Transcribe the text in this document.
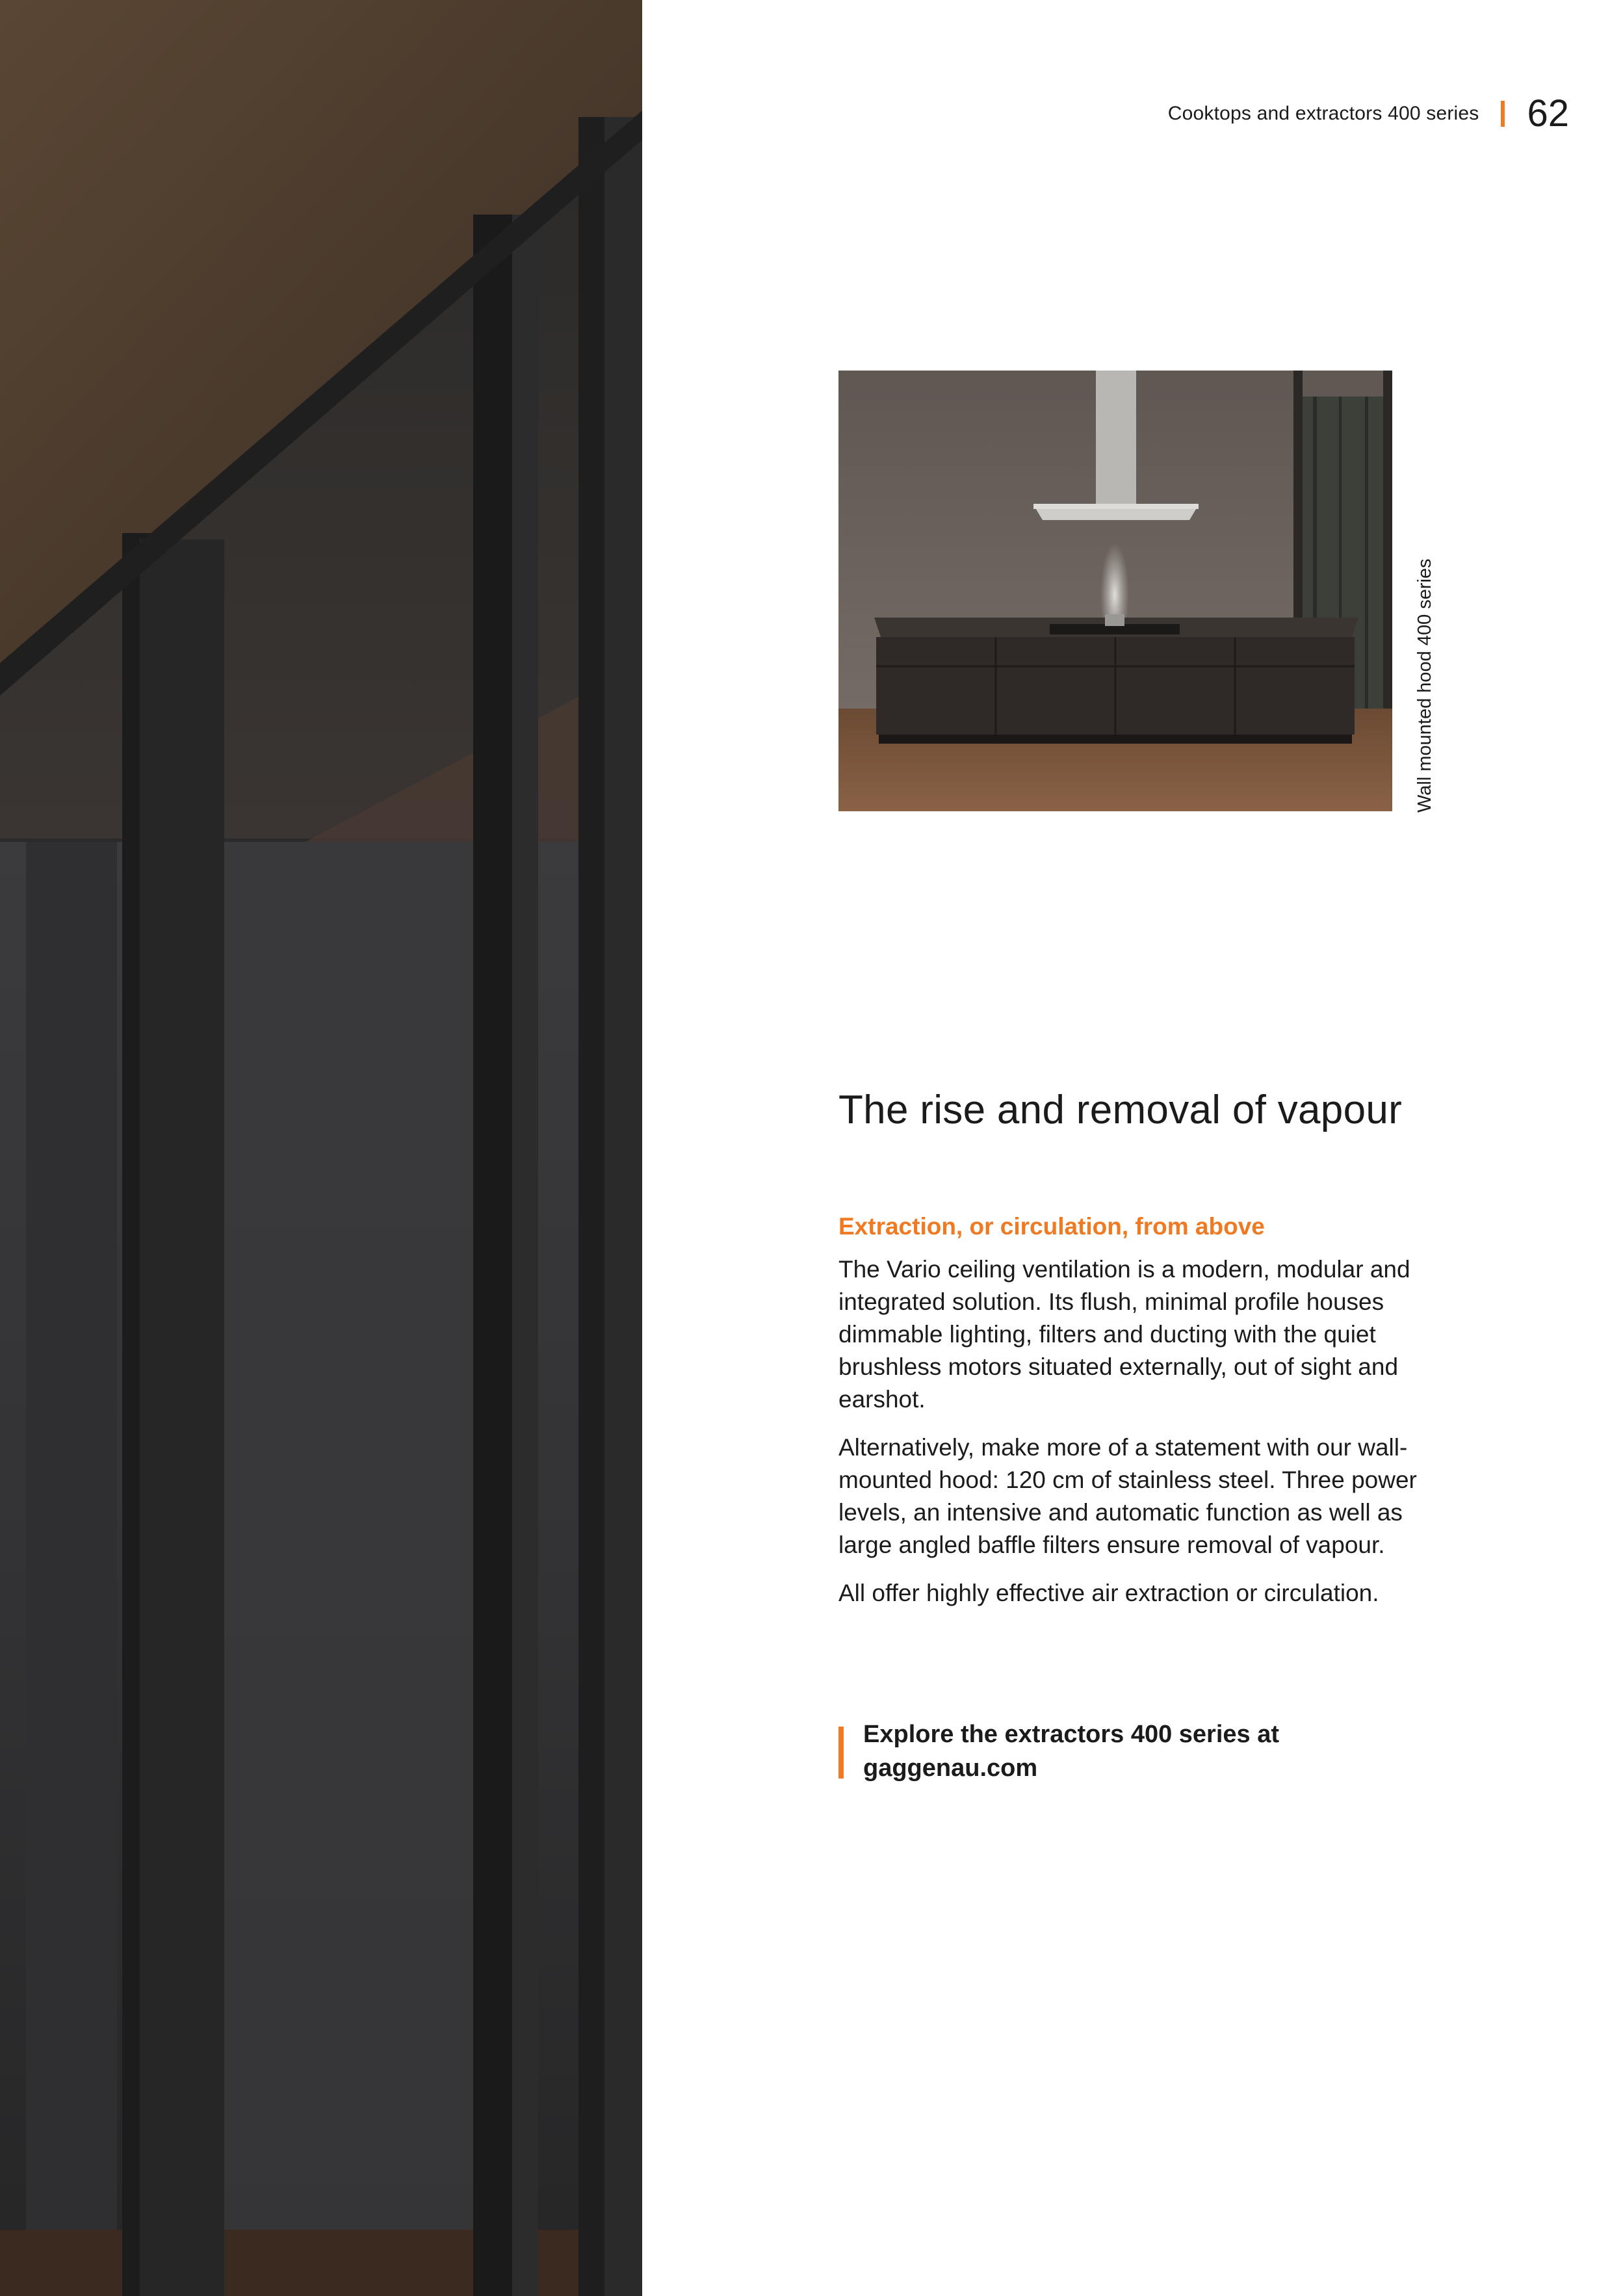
Cooktops and extractors 400 series 62
Wall mounted hood 400 series
The rise and removal of vapour
Extraction, or circulation, from above

The Vario ceiling ventilation is a modern, modular and integrated solution. Its flush, minimal profile houses dimmable lighting, filters and ducting with the quiet brushless motors situated externally, out of sight and earshot.

Alternatively, make more of a statement with our wall-mounted hood: 120 cm of stainless steel. Three power levels, an intensive and automatic function as well as large angled baffle filters ensure removal of vapour.

All offer highly effective air extraction or circulation.

Explore the extractors 400 series at gaggenau.com
